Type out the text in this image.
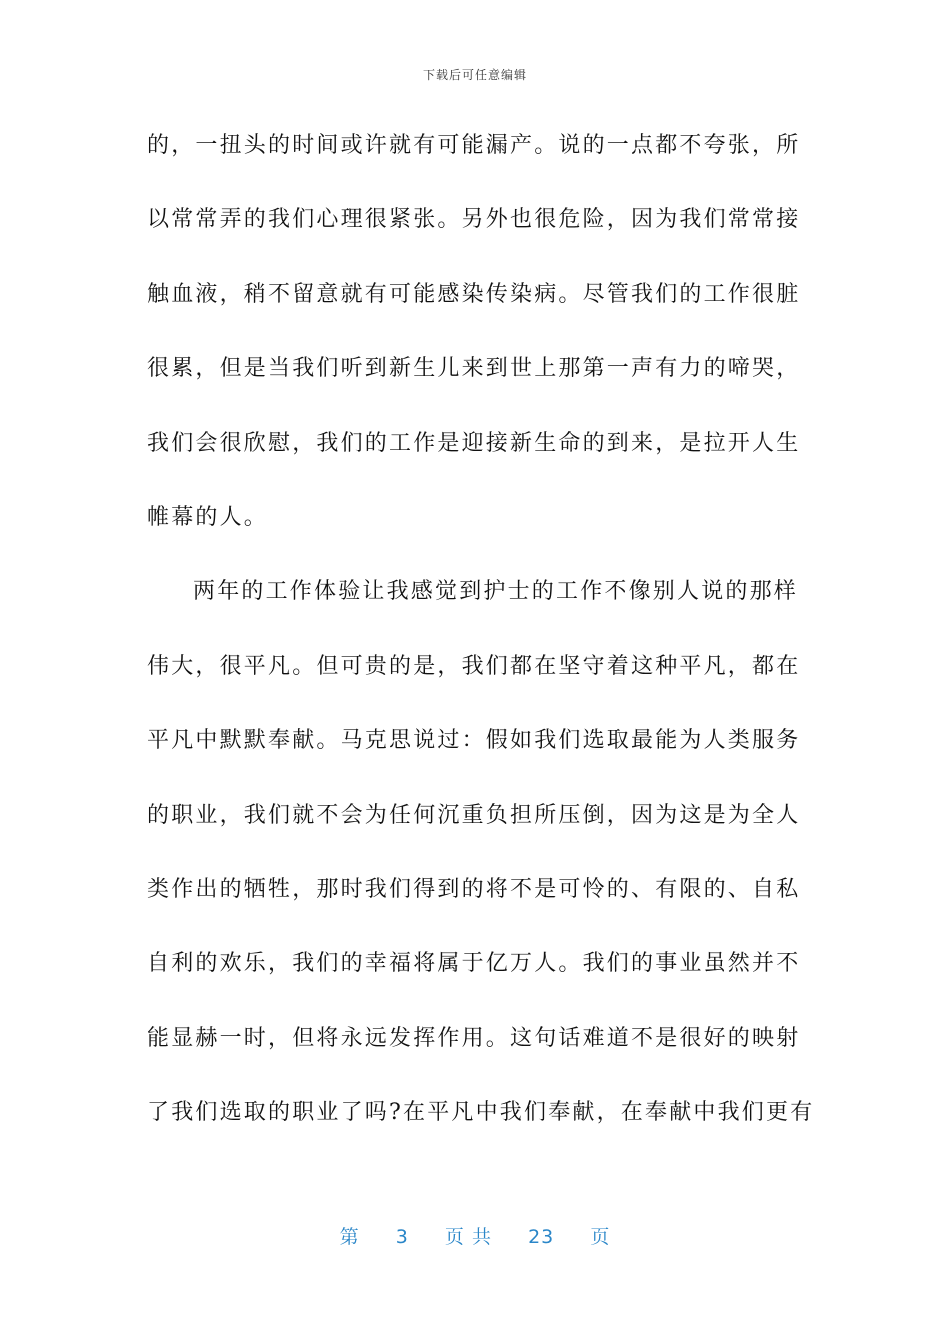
下载后可任意编辑
的，一扭头的时间或许就有可能漏产。说的一点都不夸张，所
以常常弄的我们心理很紧张。另外也很危险，因为我们常常接
触血液，稍不留意就有可能感染传染病。尽管我们的工作很脏
很累，但是当我们听到新生儿来到世上那第一声有力的啼哭，
我们会很欣慰，我们的工作是迎接新生命的到来，是拉开人生
帷幕的人。
两年的工作体验让我感觉到护士的工作不像别人说的那样
伟大，很平凡。但可贵的是，我们都在坚守着这种平凡，都在
平凡中默默奉献。马克思说过：假如我们选取最能为人类服务
的职业，我们就不会为任何沉重负担所压倒，因为这是为全人
类作出的牺牲，那时我们得到的将不是可怜的、有限的、自私
自利的欢乐，我们的幸福将属于亿万人。我们的事业虽然并不
能显赫一时，但将永远发挥作用。这句话难道不是很好的映射
了我们选取的职业了吗?在平凡中我们奉献，在奉献中我们更有
第 3 页 共 23 页
